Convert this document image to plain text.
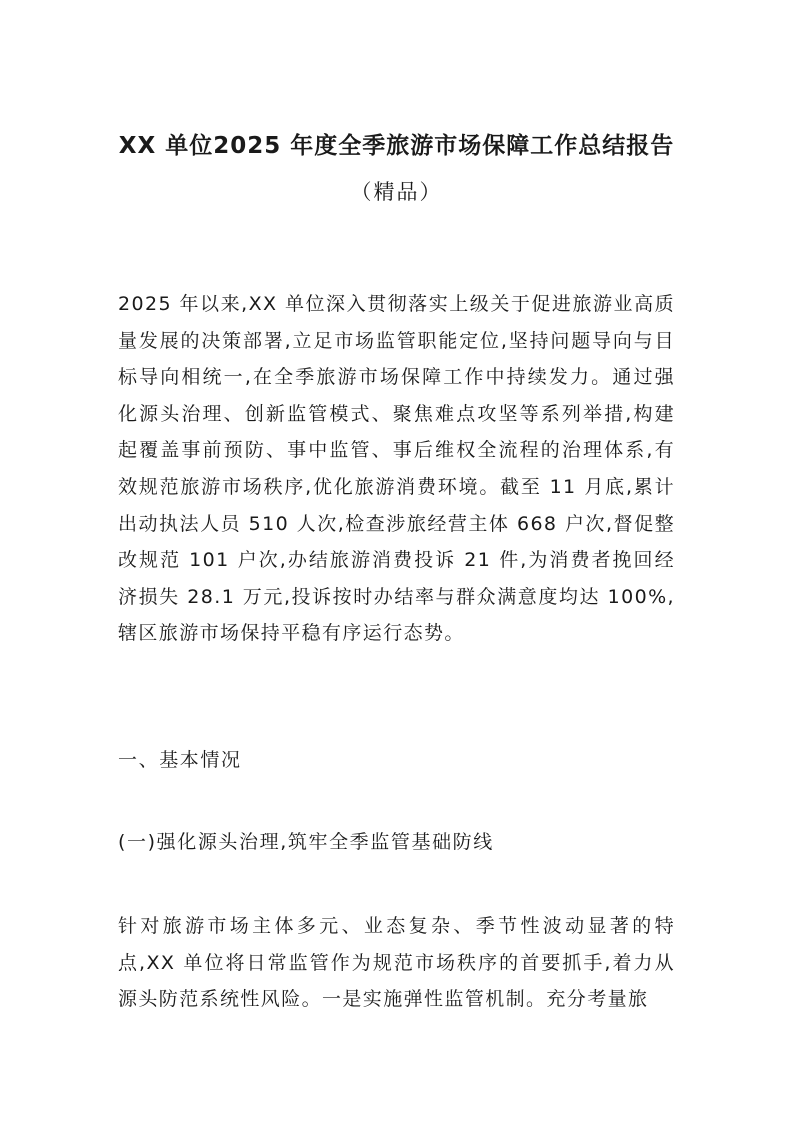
XX 单位2025 年度全季旅游市场保障工作总结报告
（精品）

2025 年以来,XX 单位深入贯彻落实上级关于促进旅游业高质量发展的决策部署,立足市场监管职能定位,坚持问题导向与目标导向相统一,在全季旅游市场保障工作中持续发力。通过强化源头治理、创新监管模式、聚焦难点攻坚等系列举措,构建起覆盖事前预防、事中监管、事后维权全流程的治理体系,有效规范旅游市场秩序,优化旅游消费环境。截至 11 月底,累计出动执法人员 510 人次,检查涉旅经营主体 668 户次,督促整改规范 101 户次,办结旅游消费投诉 21 件,为消费者挽回经济损失 28.1 万元,投诉按时办结率与群众满意度均达 100%,辖区旅游市场保持平稳有序运行态势。

一、基本情况
(一)强化源头治理,筑牢全季监管基础防线

针对旅游市场主体多元、业态复杂、季节性波动显著的特点,XX 单位将日常监管作为规范市场秩序的首要抓手,着力从源头防范系统性风险。一是实施弹性监管机制。充分考量旅
